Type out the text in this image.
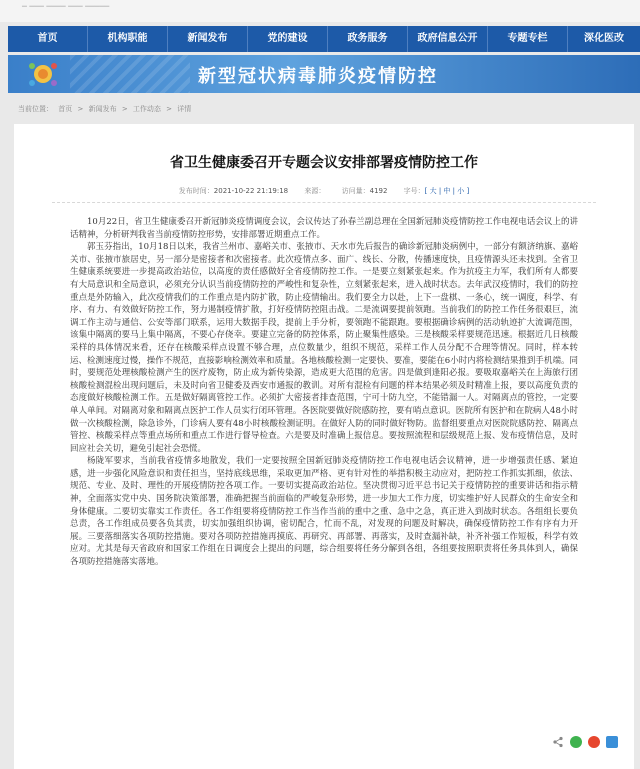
━ ━━━ ━━━━ ━━━ ━━━━━
首页	机构职能	新闻发布	党的建设	政务服务	政府信息公开	专题专栏	深化医改
新型冠状病毒肺炎疫情防控
当前位置： 首页 > 新闻发布 > 工作动态 > 详情
省卫生健康委召开专题会议安排部署疫情防控工作
发布时间：2021-10-22 21:19:18 来源： 访问量：4192 字号：[ 大 | 中 | 小 ]

10月22日，省卫生健康委召开新冠肺炎疫情调度会议，会议传达了孙春兰副总理在全国新冠肺炎疫情防控工作电视电话会议上的讲话精神，分析研判我省当前疫情防控形势，安排部署近期重点工作。

郭玉芬指出，10月18日以来，我省兰州市、嘉峪关市、张掖市、天水市先后报告的确诊新冠肺炎病例中，一部分有额济纳旗、嘉峪关市、张掖市旅居史，另一部分是密接者和次密接者。此次疫情点多、面广、线长、分散，传播速度快，且疫情源头还未找到。全省卫生健康系统要进一步提高政治站位，以高度的责任感做好全省疫情防控工作。一是要立刻紧张起来。作为抗疫主力军，我们所有人都要有大局意识和全局意识，必须充分认识当前疫情防控的严峻性和复杂性，立刻紧张起来，进入战时状态。去年武汉疫情时，我们的防控重点是外防输入，此次疫情我们的工作重点是内防扩散，防止疫情输出。我们要全力以赴，上下一盘棋、一条心，统一调度，科学、有序、有力、有效做好防控工作，努力遏制疫情扩散，打好疫情防控阻击战。二是流调要提前领跑。当前我们的防控工作任务很艰巨，流调工作主动与通信、公安等部门联系，运用大数据手段，提前上手分析，要领跑不能跟跑。要根据确诊病例的活动轨迹扩大流调范围，该集中隔离的要马上集中隔离，不要心存侥幸。要建立完备的防控体系，防止聚集性感染。三是核酸采样要规范迅速。根据近几日核酸采样的具体情况来看，还存在核酸采样点设置不够合理，点位数量少，组织不规范，采样工作人员分配不合理等情况。同时，样本转运、检测速度过慢，操作不规范，直接影响检测效率和质量。各地核酸检测一定要快、要准，要能在6小时内将检测结果推到手机端。同时，要规范处理核酸检测产生的医疗废物，防止成为新传染源，造成更大范围的危害。四是做到逢阳必报。要吸取嘉峪关在上海旅行团核酸检测混检出现问题后，未及时向省卫健委及西安市通报的教训。对所有混检有问题的样本结果必须及时精准上报，要以高度负责的态度做好核酸检测工作。五是做好隔离管控工作。必须扩大密接者排查范围，宁可十防九空，不能错漏一人。对隔离点的管控，一定要单人单间。对隔离对象和隔离点医护工作人员实行闭环管理。各医院要做好院感防控，要有哨点意识。医院所有医护和在院病人48小时做一次核酸检测，除急诊外，门诊病人要有48小时核酸检测证明。在做好人防的同时做好物防。监督组要重点对医院院感防控、隔离点管控、核酸采样点等重点场所和重点工作进行督导检查。六是要及时准确上报信息。要按照流程和层级规范上报、发布疫情信息，及时回应社会关切，避免引起社会恐慌。

杨陇军要求，当前我省疫情多地散发，我们一定要按照全国新冠肺炎疫情防控工作电视电话会议精神，进一步增强责任感、紧迫感，进一步强化风险意识和责任担当，坚持底线思维，采取更加严格、更有针对性的举措积极主动应对，把防控工作抓实抓细，依法、规范、专业、及时、理性的开展疫情防控各项工作。一要切实提高政治站位。坚决贯彻习近平总书记关于疫情防控的重要讲话和指示精神，全面落实党中央、国务院决策部署，准确把握当前面临的严峻复杂形势，进一步加大工作力度，切实维护好人民群众的生命安全和身体健康。二要切实靠实工作责任。各工作组要将疫情防控工作当作当前的重中之重、急中之急，真正进入到战时状态。各组组长要负总责，各工作组成员要各负其责，切实加强组织协调，密切配合，忙而不乱，对发现的问题及时解决，确保疫情防控工作有序有力开展。三要落细落实各项防控措施。要对各项防控措施再摸底、再研究、再部署、再落实，及时查漏补缺，补齐补强工作短板，科学有效应对。尤其是每天省政府和国家工作组在日调度会上提出的问题，综合组要将任务分解到各组，各组要按照职责将任务具体到人，确保各项防控措施落实落地。
